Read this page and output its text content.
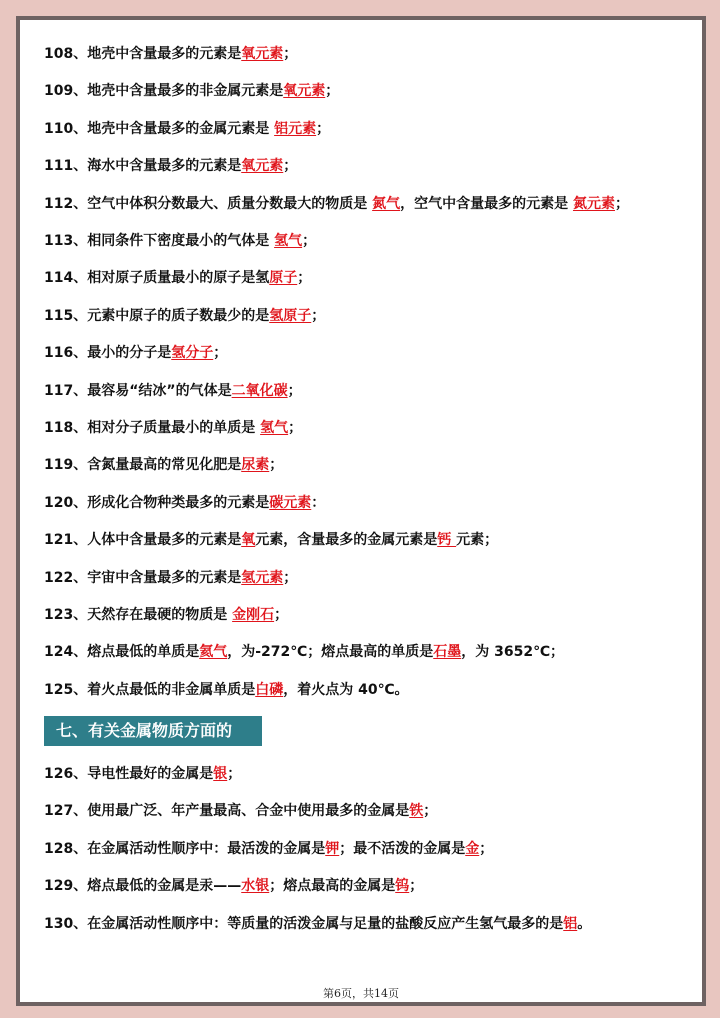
108、地壳中含量最多的元素是氧元素；
109、地壳中含量最多的非金属元素是氧元素；
110、地壳中含量最多的金属元素是 铝元素；
111、海水中含量最多的元素是氧元素；
112、空气中体积分数最大、质量分数最大的物质是 氮气，空气中含量最多的元素是 氮元素；
113、相同条件下密度最小的气体是 氢气；
114、相对原子质量最小的原子是氢原子；
115、元素中原子的质子数最少的是氢原子；
116、最小的分子是氢分子；
117、最容易“结冰”的气体是二氧化碳；
118、相对分子质量最小的单质是 氢气；
119、含氮量最高的常见化肥是尿素；
120、形成化合物种类最多的元素是碳元素：
121、人体中含量最多的元素是氧元素，含量最多的金属元素是钙 元素；
122、宇宙中含量最多的元素是氢元素；
123、天然存在最硬的物质是 金刚石；
124、熔点最低的单质是氦气，为-272℃；熔点最高的单质是石墨，为 3652℃；
125、着火点最低的非金属单质是白磷，着火点为 40℃。
七、有关金属物质方面的
126、导电性最好的金属是银；
127、使用最广泛、年产量最高、合金中使用最多的金属是铁；
128、在金属活动性顺序中：最活泼的金属是钾；最不活泼的金属是金；
129、熔点最低的金属是汞——水银；熔点最高的金属是钨；
130、在金属活动性顺序中：等质量的活泼金属与足量的盐酸反应产生氢气最多的是铝。
第6页，共14页
